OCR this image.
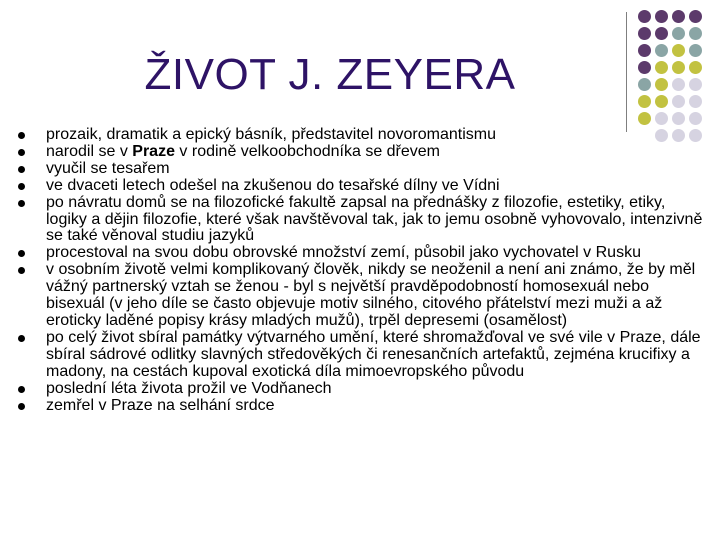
ŽIVOT J. ZEYERA
prozaik, dramatik a epický básník, představitel novoromantismu
narodil se v Praze v rodině velkoobchodníka se dřevem
vyučil se tesařem
ve dvaceti letech odešel na zkušenou do tesařské dílny ve Vídni
po návratu domů se na filozofické fakultě zapsal na přednášky z filozofie, estetiky, etiky, logiky a dějin filozofie, které však navštěvoval tak, jak to jemu osobně vyhovovalo, intenzivně se také věnoval studiu jazyků
procestoval na svou dobu obrovské množství zemí, působil jako vychovatel v Rusku
v osobním životě velmi komplikovaný člověk, nikdy se neoženil a není ani známo, že by měl vážný partnerský vztah se ženou - byl s největší pravděpodobností homosexuál nebo bisexuál (v jeho díle se často objevuje motiv silného, citového přátelství mezi muži a až eroticky laděné popisy krásy mladých mužů), trpěl depresemi (osamělost)
po celý život sbíral památky výtvarného umění, které shromažďoval ve své vile v Praze, dále sbíral sádrové odlitky slavných středověkých či renesančních artefaktů, zejména krucifixy a madony, na cestách kupoval exotická díla mimoevropského původu
poslední léta života prožil ve Vodňanech
zemřel v Praze na selhání srdce
